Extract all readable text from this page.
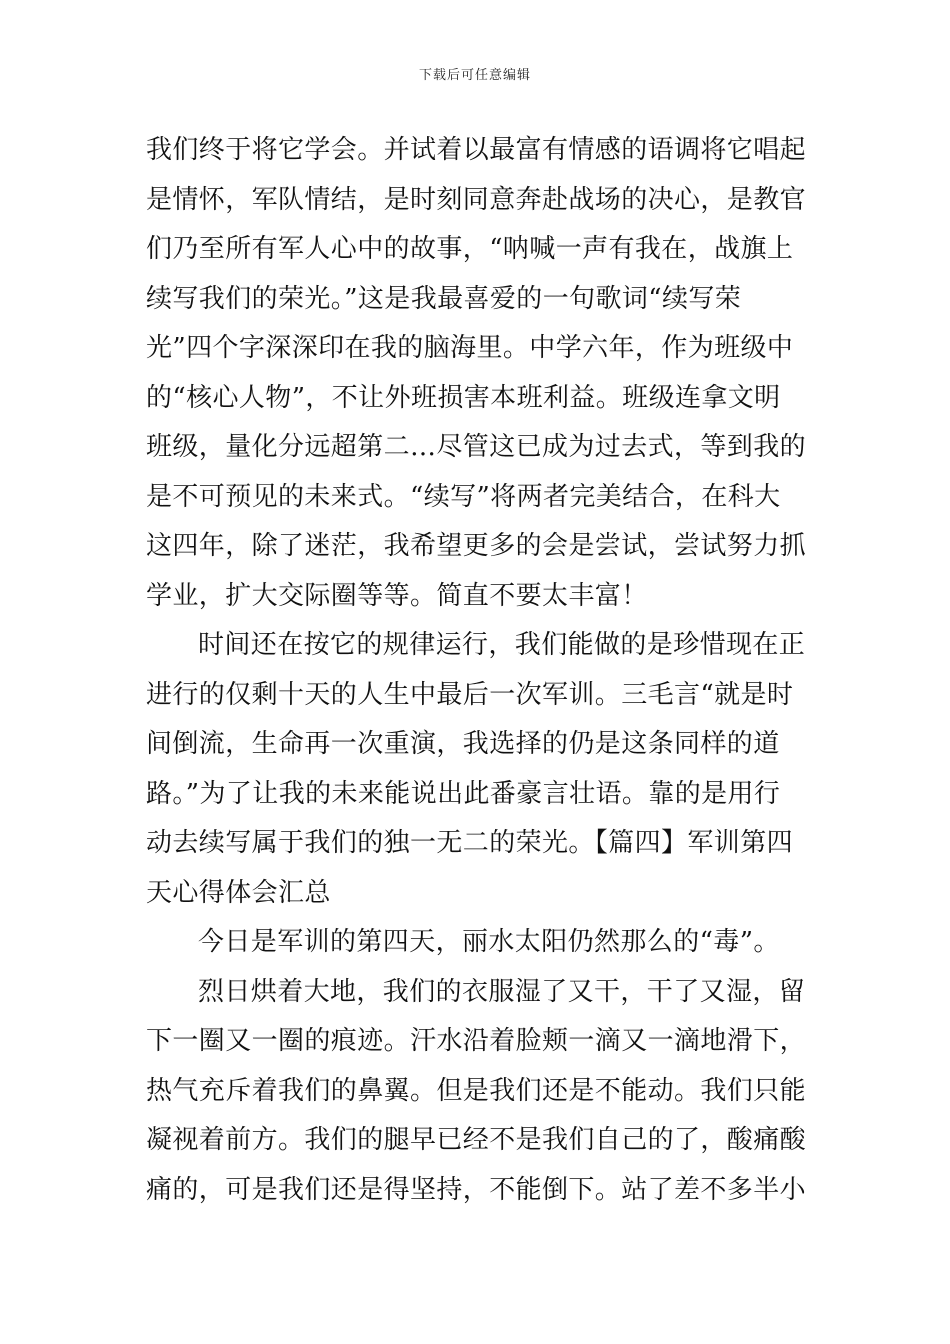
下载后可任意编辑
我们终于将它学会。并试着以最富有情感的语调将它唱起
是情怀，军队情结，是时刻同意奔赴战场的决心，是教官
们乃至所有军人心中的故事，“呐喊一声有我在，战旗上
续写我们的荣光。”这是我最喜爱的一句歌词“续写荣
光”四个字深深印在我的脑海里。中学六年，作为班级中
的“核心人物”，不让外班损害本班利益。班级连拿文明
班级，量化分远超第二…尽管这已成为过去式，等到我的
是不可预见的未来式。“续写”将两者完美结合，在科大
这四年，除了迷茫，我希望更多的会是尝试，尝试努力抓
学业，扩大交际圈等等。简直不要太丰富！
时间还在按它的规律运行，我们能做的是珍惜现在正
进行的仅剩十天的人生中最后一次军训。三毛言“就是时
间倒流，生命再一次重演，我选择的仍是这条同样的道
路。”为了让我的未来能说出此番豪言壮语。靠的是用行
动去续写属于我们的独一无二的荣光。【篇四】军训第四
天心得体会汇总
今日是军训的第四天，丽水太阳仍然那么的“毒”。
烈日烘着大地，我们的衣服湿了又干，干了又湿，留
下一圈又一圈的痕迹。汗水沿着脸颊一滴又一滴地滑下，
热气充斥着我们的鼻翼。但是我们还是不能动。我们只能
凝视着前方。我们的腿早已经不是我们自己的了，酸痛酸
痛的，可是我们还是得坚持，不能倒下。站了差不多半小
